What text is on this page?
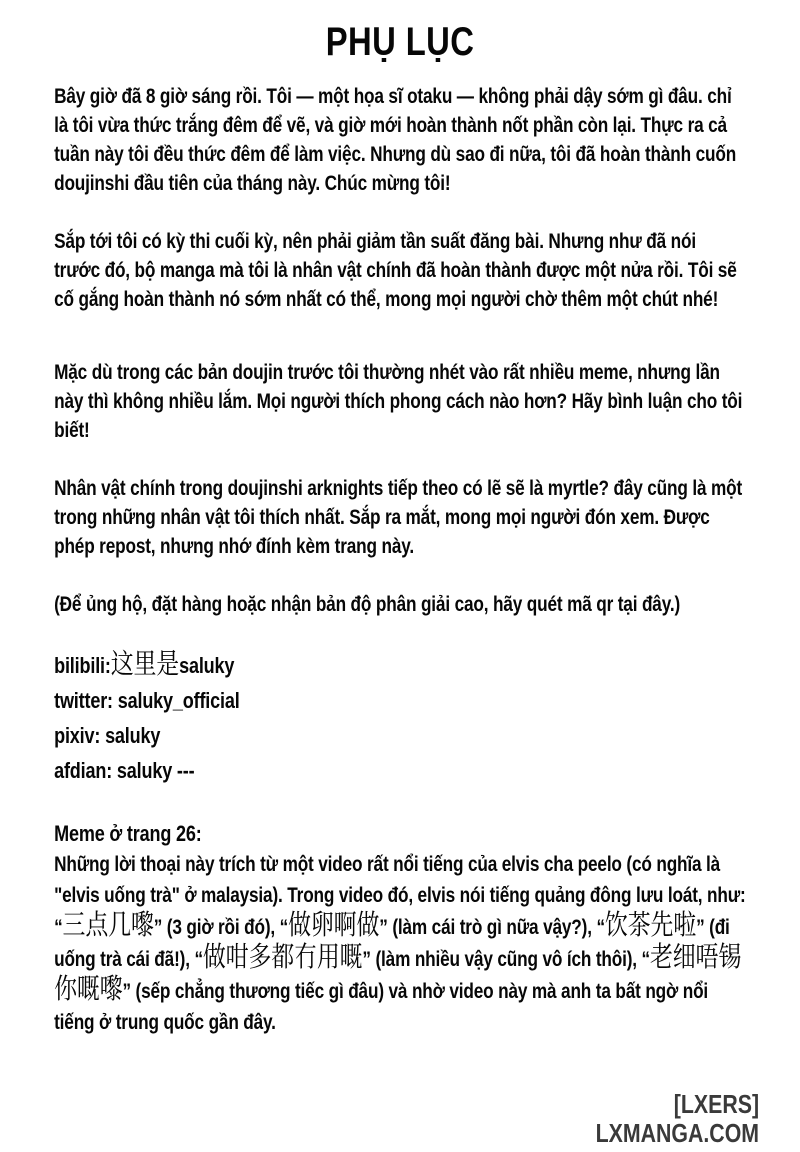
PHỤ LỤC

Bây giờ đã 8 giờ sáng rồi. Tôi — một họa sĩ otaku — không phải dậy sớm gì đâu. chỉ là tôi vừa thức trắng đêm để vẽ, và giờ mới hoàn thành nốt phần còn lại. Thực ra cả tuần này tôi đều thức đêm để làm việc. Nhưng dù sao đi nữa, tôi đã hoàn thành cuốn doujinshi đầu tiên của tháng này. Chúc mừng tôi!

Sắp tới tôi có kỳ thi cuối kỳ, nên phải giảm tần suất đăng bài. Nhưng như đã nói trước đó, bộ manga mà tôi là nhân vật chính đã hoàn thành được một nửa rồi. Tôi sẽ cố gắng hoàn thành nó sớm nhất có thể, mong mọi người chờ thêm một chút nhé!

Mặc dù trong các bản doujin trước tôi thường nhét vào rất nhiều meme, nhưng lần này thì không nhiều lắm. Mọi người thích phong cách nào hơn? Hãy bình luận cho tôi biết!

Nhân vật chính trong doujinshi arknights tiếp theo có lẽ sẽ là myrtle? đây cũng là một trong những nhân vật tôi thích nhất. Sắp ra mắt, mong mọi người đón xem. Được phép repost, nhưng nhớ đính kèm trang này.

(Để ủng hộ, đặt hàng hoặc nhận bản độ phân giải cao, hãy quét mã qr tại đây.)

bilibili:这里是saluky
twitter: saluky_official
pixiv: saluky
afdian: saluky ---
Meme ở trang 26:

Những lời thoại này trích từ một video rất nổi tiếng của elvis cha peelo (có nghĩa là "elvis uống trà" ở malaysia). Trong video đó, elvis nói tiếng quảng đông lưu loát, như: “三点几嚟” (3 giờ rồi đó), “做卵啊做” (làm cái trò gì nữa vậy?), “饮茶先啦” (đi uống trà cái đã!), “做咁多都冇用嘅” (làm nhiều vậy cũng vô ích thôi), “老细唔锡你嘅嚟” (sếp chẳng thương tiếc gì đâu) và nhờ video này mà anh ta bất ngờ nổi tiếng ở trung quốc gần đây.

[LXERS]
LXMANGA.COM
